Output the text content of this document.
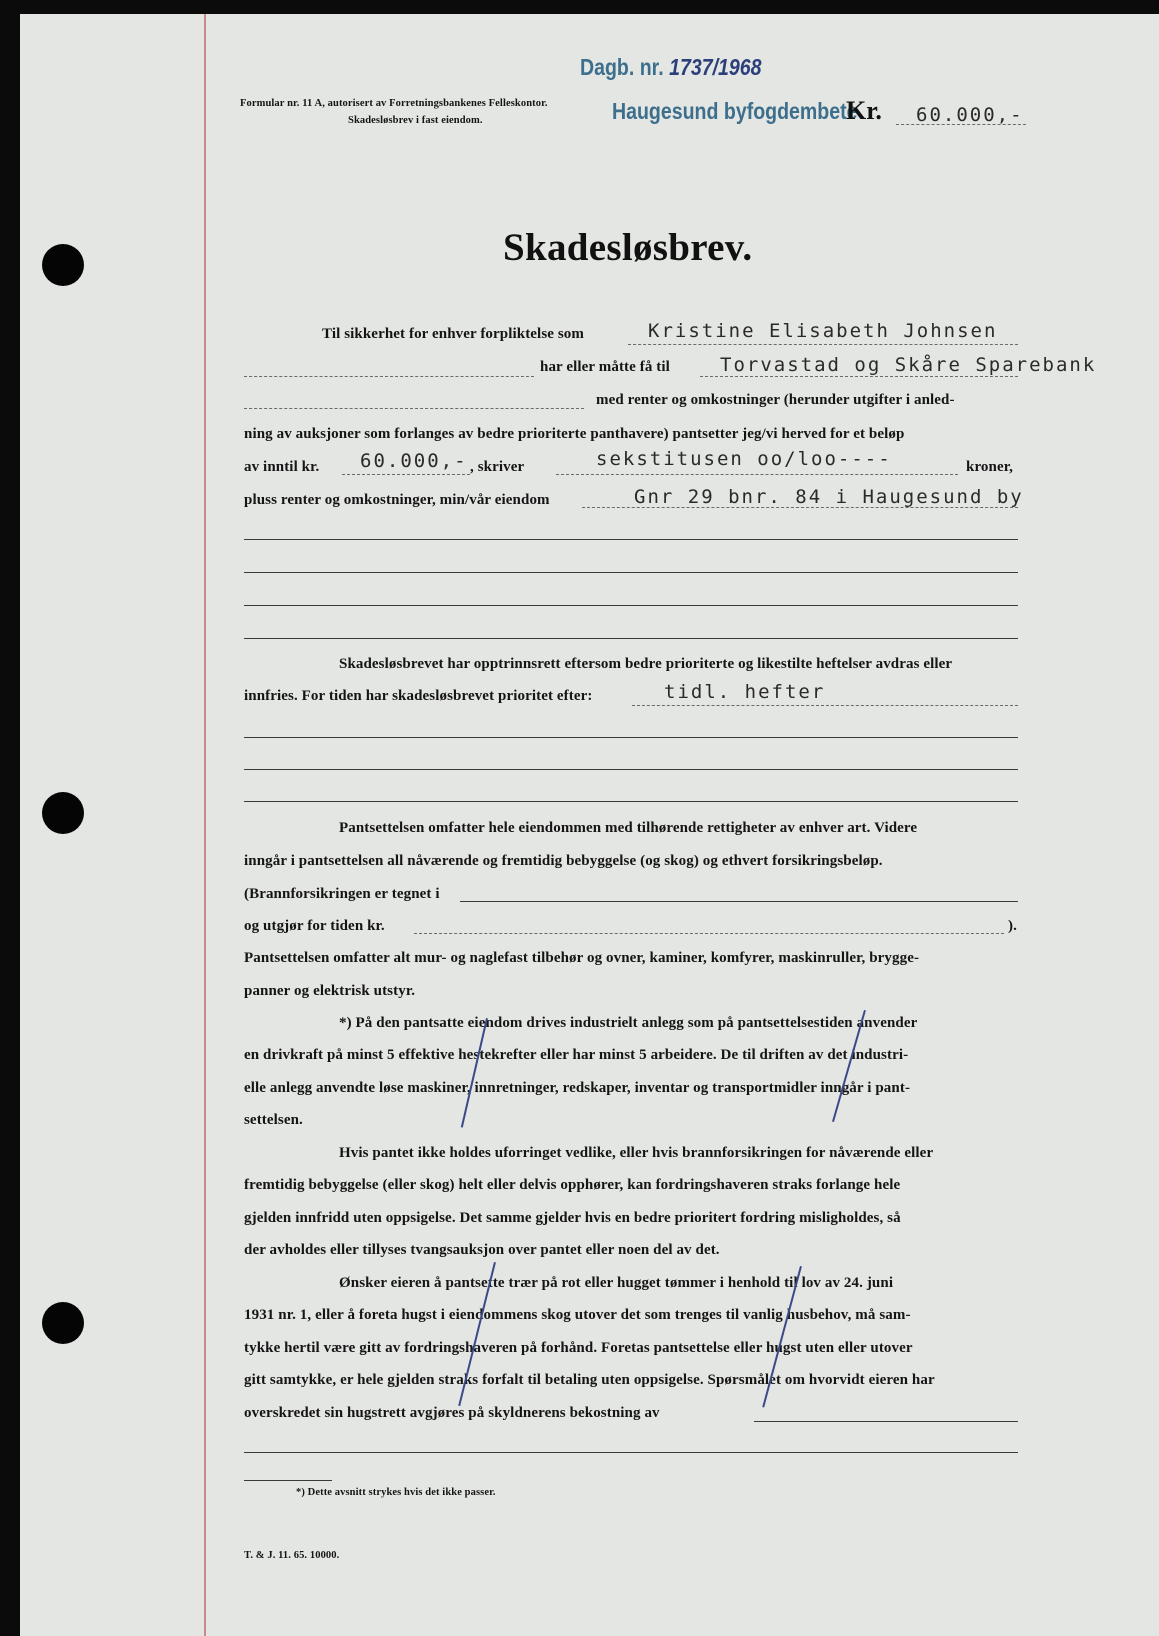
Dagb. nr. 1737/1968
Haugesund byfogdembete
Formular nr. 11 A, autorisert av Forretningsbankenes Felleskontor.
Skadesløsbrev i fast eiendom.	Kr. 60.000,-
Skadesløsbrev.
Til sikkerhet for enhver forpliktelse som	Kristine Elisabeth Johnsen
har eller måtte få til	Torvastad og Skåre Sparebank
med renter og omkostninger (herunder utgifter i anled-
ning av auksjoner som forlanges av bedre prioriterte panthavere) pantsetter jeg/vi herved for et beløp
av inntil kr. 60.000,- , skriver	sekstitusen oo/loo----	kroner,
pluss renter og omkostninger, min/vår eiendom	Gnr 29 bnr. 84 i Haugesund by
Skadesløsbrevet har opptrinnsrett eftersom bedre prioriterte og likestilte heftelser avdras eller
innfries. For tiden har skadesløsbrevet prioritet efter:	tidl. hefter
Pantsettelsen omfatter hele eiendommen med tilhørende rettigheter av enhver art. Videre
inngår i pantsettelsen all nåværende og fremtidig bebyggelse (og skog) og ethvert forsikringsbeløp.
(Brannforsikringen er tegnet i
og utgjør for tiden kr.	).
Pantsettelsen omfatter alt mur- og naglefast tilbehør og ovner, kaminer, komfyrer, maskinruller, brygge-
panner og elektrisk utstyr.
*) På den pantsatte eiendom drives industrielt anlegg som på pantsettelsestiden anvender
en drivkraft på minst 5 effektive hestekrefter eller har minst 5 arbeidere. De til driften av det industri-
elle anlegg anvendte løse maskiner, innretninger, redskaper, inventar og transportmidler inngår i pant-
settelsen.
Hvis pantet ikke holdes uforringet vedlike, eller hvis brannforsikringen for nåværende eller
fremtidig bebyggelse (eller skog) helt eller delvis opphører, kan fordringshaveren straks forlange hele
gjelden innfridd uten oppsigelse. Det samme gjelder hvis en bedre prioritert fordring misligholdes, så
der avholdes eller tillyses tvangsauksjon over pantet eller noen del av det.
Ønsker eieren å pantsette trær på rot eller hugget tømmer i henhold til lov av 24. juni
1931 nr. 1, eller å foreta hugst i eiendommens skog utover det som trenges til vanlig husbehov, må sam-
tykke hertil være gitt av fordringshaveren på forhånd. Foretas pantsettelse eller hugst uten eller utover
gitt samtykke, er hele gjelden straks forfalt til betaling uten oppsigelse. Spørsmålet om hvorvidt eieren har
overskredet sin hugstrett avgjøres på skyldnerens bekostning av
*) Dette avsnitt strykes hvis det ikke passer.
T. & J. 11. 65. 10000.
